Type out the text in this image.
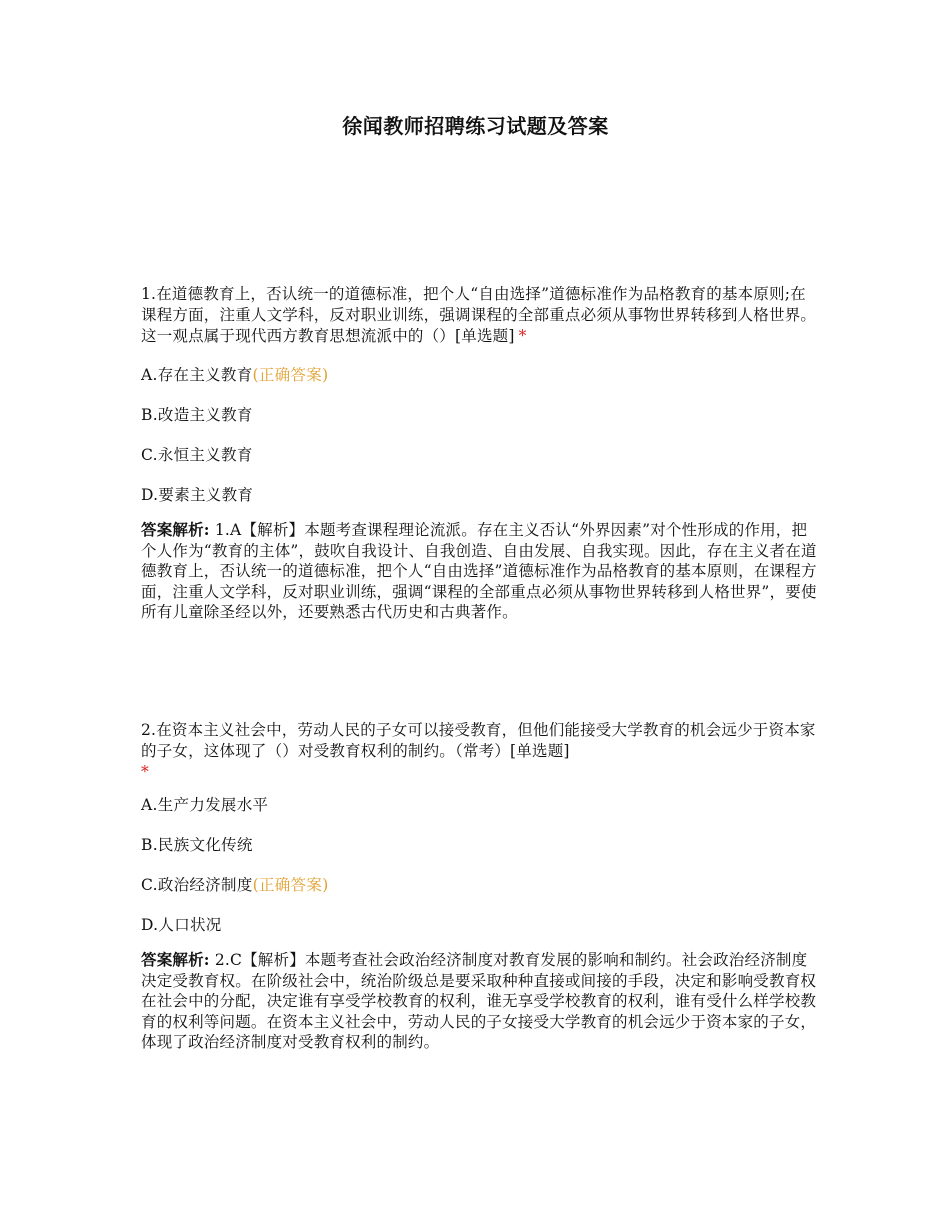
徐闻教师招聘练习试题及答案

1.在道德教育上，否认统一的道德标准，把个人“自由选择”道德标准作为品格教育的基本原则;在课程方面，注重人文学科，反对职业训练，强调课程的全部重点必须从事物世界转移到人格世界。这一观点属于现代西方教育思想流派中的（）[单选题] *

A.存在主义教育(正确答案)

B.改造主义教育

C.永恒主义教育

D.要素主义教育

答案解析: 1.A【解析】本题考查课程理论流派。存在主义否认“外界因素”对个性形成的作用，把个人作为“教育的主体”，鼓吹自我设计、自我创造、自由发展、自我实现。因此，存在主义者在道德教育上，否认统一的道德标准，把个人“自由选择”道德标准作为品格教育的基本原则，在课程方面，注重人文学科，反对职业训练，强调“课程的全部重点必须从事物世界转移到人格世界”，要使所有儿童除圣经以外，还要熟悉古代历史和古典著作。

2.在资本主义社会中，劳动人民的子女可以接受教育，但他们能接受大学教育的机会远少于资本家的子女，这体现了（）对受教育权利的制约。（常考）[单选题]
*

A.生产力发展水平

B.民族文化传统

C.政治经济制度(正确答案)

D.人口状况

答案解析: 2.C【解析】本题考查社会政治经济制度对教育发展的影响和制约。社会政治经济制度决定受教育权。在阶级社会中，统治阶级总是要采取种种直接或间接的手段，决定和影响受教育权在社会中的分配，决定谁有享受学校教育的权利，谁无享受学校教育的权利，谁有受什么样学校教育的权利等问题。在资本主义社会中，劳动人民的子女接受大学教育的机会远少于资本家的子女，体现了政治经济制度对受教育权利的制约。
